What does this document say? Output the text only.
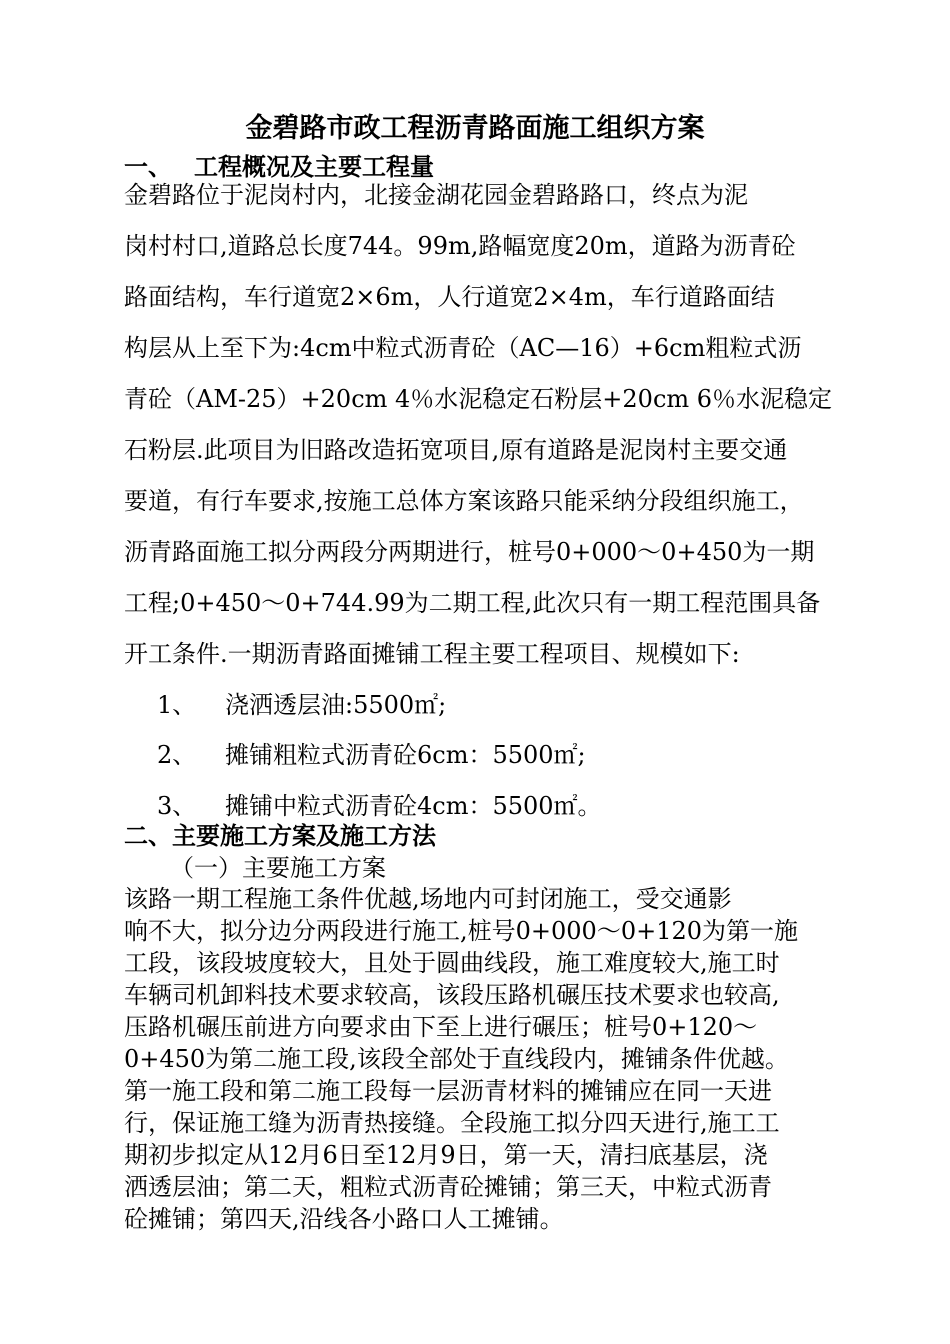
金碧路市政工程沥青路面施工组织方案
一、 工程概况及主要工程量
金碧路位于泥岗村内，北接金湖花园金碧路路口，终点为泥
岗村村口,道路总长度744。99m,路幅宽度20m，道路为沥青砼
路面结构，车行道宽2×6m，人行道宽2×4m，车行道路面结
构层从上至下为:4cm中粒式沥青砼（AC—16）+6cm粗粒式沥
青砼（AM-25）+20cm 4％水泥稳定石粉层+20cm 6％水泥稳定
石粉层.此项目为旧路改造拓宽项目,原有道路是泥岗村主要交通
要道，有行车要求,按施工总体方案该路只能采纳分段组织施工，
沥青路面施工拟分两段分两期进行，桩号0+000～0+450为一期
工程;0+450～0+744.99为二期工程,此次只有一期工程范围具备
开工条件.一期沥青路面摊铺工程主要工程项目、规模如下:
1、 浇洒透层油:5500㎡;
2、 摊铺粗粒式沥青砼6cm：5500㎡;
3、 摊铺中粒式沥青砼4cm：5500㎡。
二、主要施工方案及施工方法
（一）主要施工方案
该路一期工程施工条件优越,场地内可封闭施工，受交通影
响不大，拟分边分两段进行施工,桩号0+000～0+120为第一施
工段，该段坡度较大，且处于圆曲线段，施工难度较大,施工时
车辆司机卸料技术要求较高，该段压路机碾压技术要求也较高,
压路机碾压前进方向要求由下至上进行碾压；桩号0+120～
0+450为第二施工段,该段全部处于直线段内，摊铺条件优越。
第一施工段和第二施工段每一层沥青材料的摊铺应在同一天进
行，保证施工缝为沥青热接缝。全段施工拟分四天进行,施工工
期初步拟定从12月6日至12月9日，第一天，清扫底基层，浇
洒透层油；第二天，粗粒式沥青砼摊铺；第三天，中粒式沥青
砼摊铺；第四天,沿线各小路口人工摊铺。
